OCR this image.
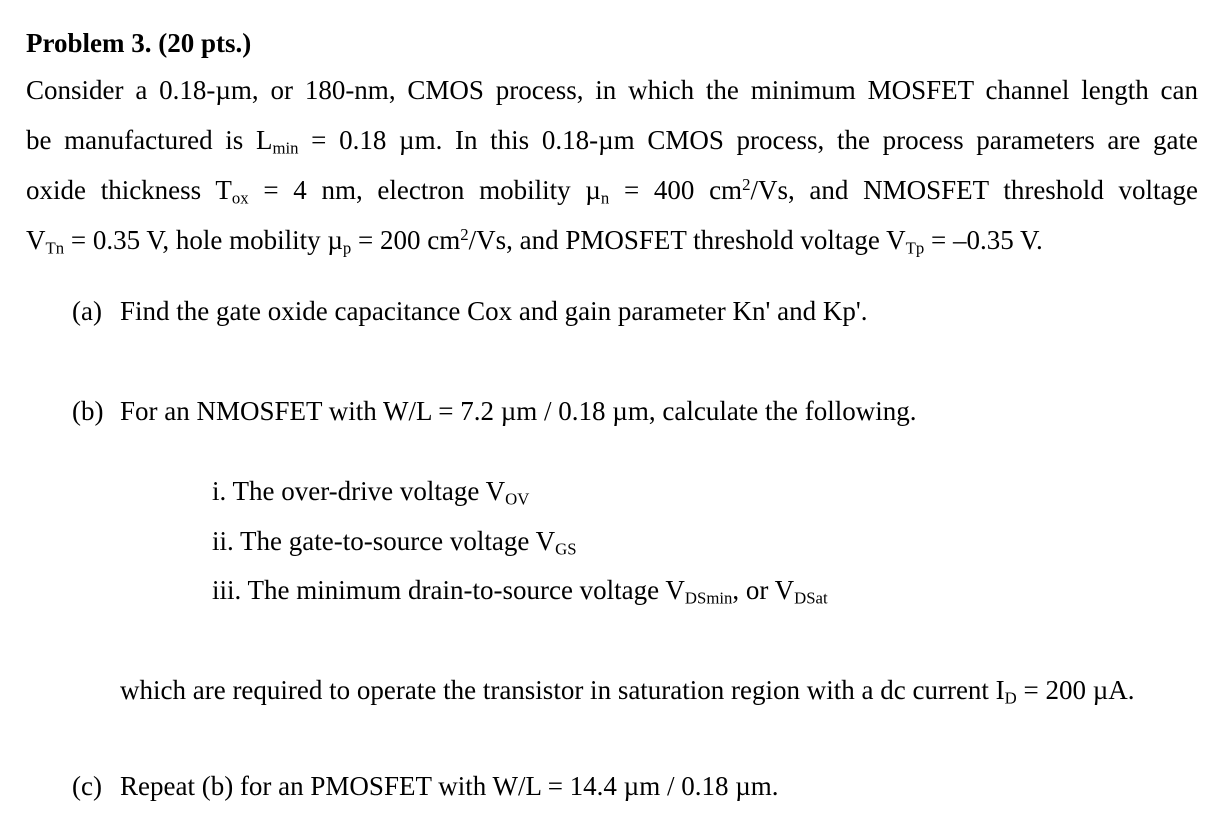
Problem 3. (20 pts.)
Consider a 0.18-µm, or 180-nm, CMOS process, in which the minimum MOSFET channel length can
be manufactured is $L_{min} = 0.18$ µm. In this 0.18-µm CMOS process, the process parameters are gate
oxide thickness $T_{ox} = 4$ nm, electron mobility µ$_n$ = 400 $cm^2/Vs$, and NMOSFET threshold voltage
$V_{Tn} = 0.35$ V, hole mobility µ$_p$ = 200 $cm^2/Vs$, and PMOSFET threshold voltage $V_{Tp} = -0.35$ V.
(a) Find the gate oxide capacitance Cox and gain parameter Kn' and Kp'.
(b) For an NMOSFET with W/L = 7.2 µm / 0.18 µm, calculate the following.
i. The over-drive voltage $V_{OV}$
ii. The gate-to-source voltage $V_{GS}$
iii. The minimum drain-to-source voltage $V_{DSmin}$, or $V_{DSat}$
which are required to operate the transistor in saturation region with a dc current $I_D = 200$ µA.
(c) Repeat (b) for an PMOSFET with W/L = 14.4 µm / 0.18 µm.
